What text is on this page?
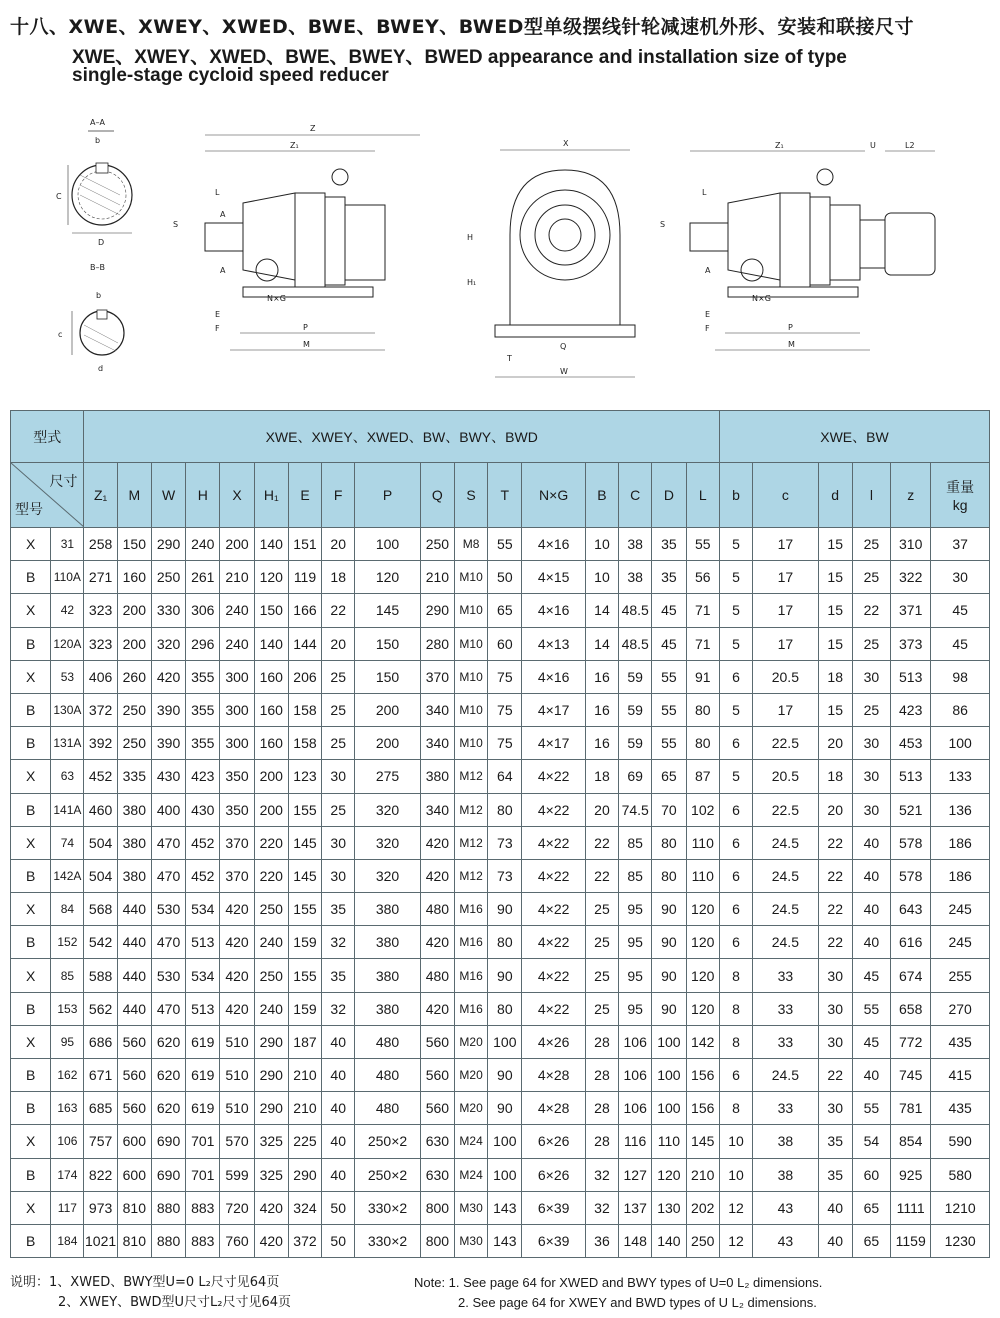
十八、XWE、XWEY、XWED、BWE、BWEY、BWED型单级摆线针轮减速机外形、安装和联接尺寸
XWE、XWEY、XWED、BWE、BWEY、BWED appearance and installation size of type
single-stage cycloid speed reducer
A–A
b
C
D
B–B
b
c
d
Z
Z₁
L
S
A
A
N×G
E
F	P
M
X
H
H₁
Q
T
W
Z₁	U	L2
L
S
A
N×G
E
F	P
M
型式		XWE、XWEY、XWED、BW、BWY、BWD																	XWE、BW					

尺寸
型号		Z₁	M	W	H	X	H₁	E	F	P	Q	S	T	N×G	B	C	D	L	b	c	d	l	z	重量
kg
X	31	258	150	290	240	200	140	151	20	100	250	M8	55	4×16	10	38	35	55	5	17	15	25	310	37
B	110A	271	160	250	261	210	120	119	18	120	210	M10	50	4×15	10	38	35	56	5	17	15	25	322	30
X	42	323	200	330	306	240	150	166	22	145	290	M10	65	4×16	14	48.5	45	71	5	17	15	22	371	45
B	120A	323	200	320	296	240	140	144	20	150	280	M10	60	4×13	14	48.5	45	71	5	17	15	25	373	45
X	53	406	260	420	355	300	160	206	25	150	370	M10	75	4×16	16	59	55	91	6	20.5	18	30	513	98
B	130A	372	250	390	355	300	160	158	25	200	340	M10	75	4×17	16	59	55	80	5	17	15	25	423	86
B	131A	392	250	390	355	300	160	158	25	200	340	M10	75	4×17	16	59	55	80	6	22.5	20	30	453	100
X	63	452	335	430	423	350	200	123	30	275	380	M12	64	4×22	18	69	65	87	5	20.5	18	30	513	133
B	141A	460	380	400	430	350	200	155	25	320	340	M12	80	4×22	20	74.5	70	102	6	22.5	20	30	521	136
X	74	504	380	470	452	370	220	145	30	320	420	M12	73	4×22	22	85	80	110	6	24.5	22	40	578	186
B	142A	504	380	470	452	370	220	145	30	320	420	M12	73	4×22	22	85	80	110	6	24.5	22	40	578	186
X	84	568	440	530	534	420	250	155	35	380	480	M16	90	4×22	25	95	90	120	6	24.5	22	40	643	245
B	152	542	440	470	513	420	240	159	32	380	420	M16	80	4×22	25	95	90	120	6	24.5	22	40	616	245
X	85	588	440	530	534	420	250	155	35	380	480	M16	90	4×22	25	95	90	120	8	33	30	45	674	255
B	153	562	440	470	513	420	240	159	32	380	420	M16	80	4×22	25	95	90	120	8	33	30	55	658	270
X	95	686	560	620	619	510	290	187	40	480	560	M20	100	4×26	28	106	100	142	8	33	30	45	772	435
B	162	671	560	620	619	510	290	210	40	480	560	M20	90	4×28	28	106	100	156	6	24.5	22	40	745	415
B	163	685	560	620	619	510	290	210	40	480	560	M20	90	4×28	28	106	100	156	8	33	30	55	781	435
X	106	757	600	690	701	570	325	225	40	250×2	630	M24	100	6×26	28	116	110	145	10	38	35	54	854	590
B	174	822	600	690	701	599	325	290	40	250×2	630	M24	100	6×26	32	127	120	210	10	38	35	60	925	580
X	117	973	810	880	883	720	420	324	50	330×2	800	M30	143	6×39	32	137	130	202	12	43	40	65	1111	1210
B	184	1021	810	880	883	760	420	372	50	330×2	800	M30	143	6×39	36	148	140	250	12	43	40	65	1159	1230
说明：1、XWED、BWY型U=0 L₂尺寸见64页
2、XWEY、BWD型U尺寸L₂尺寸见64页
Note: 1. See page 64 for XWED and BWY types of U=0 L₂ dimensions.
2. See page 64 for XWEY and BWD types of U L₂ dimensions.
